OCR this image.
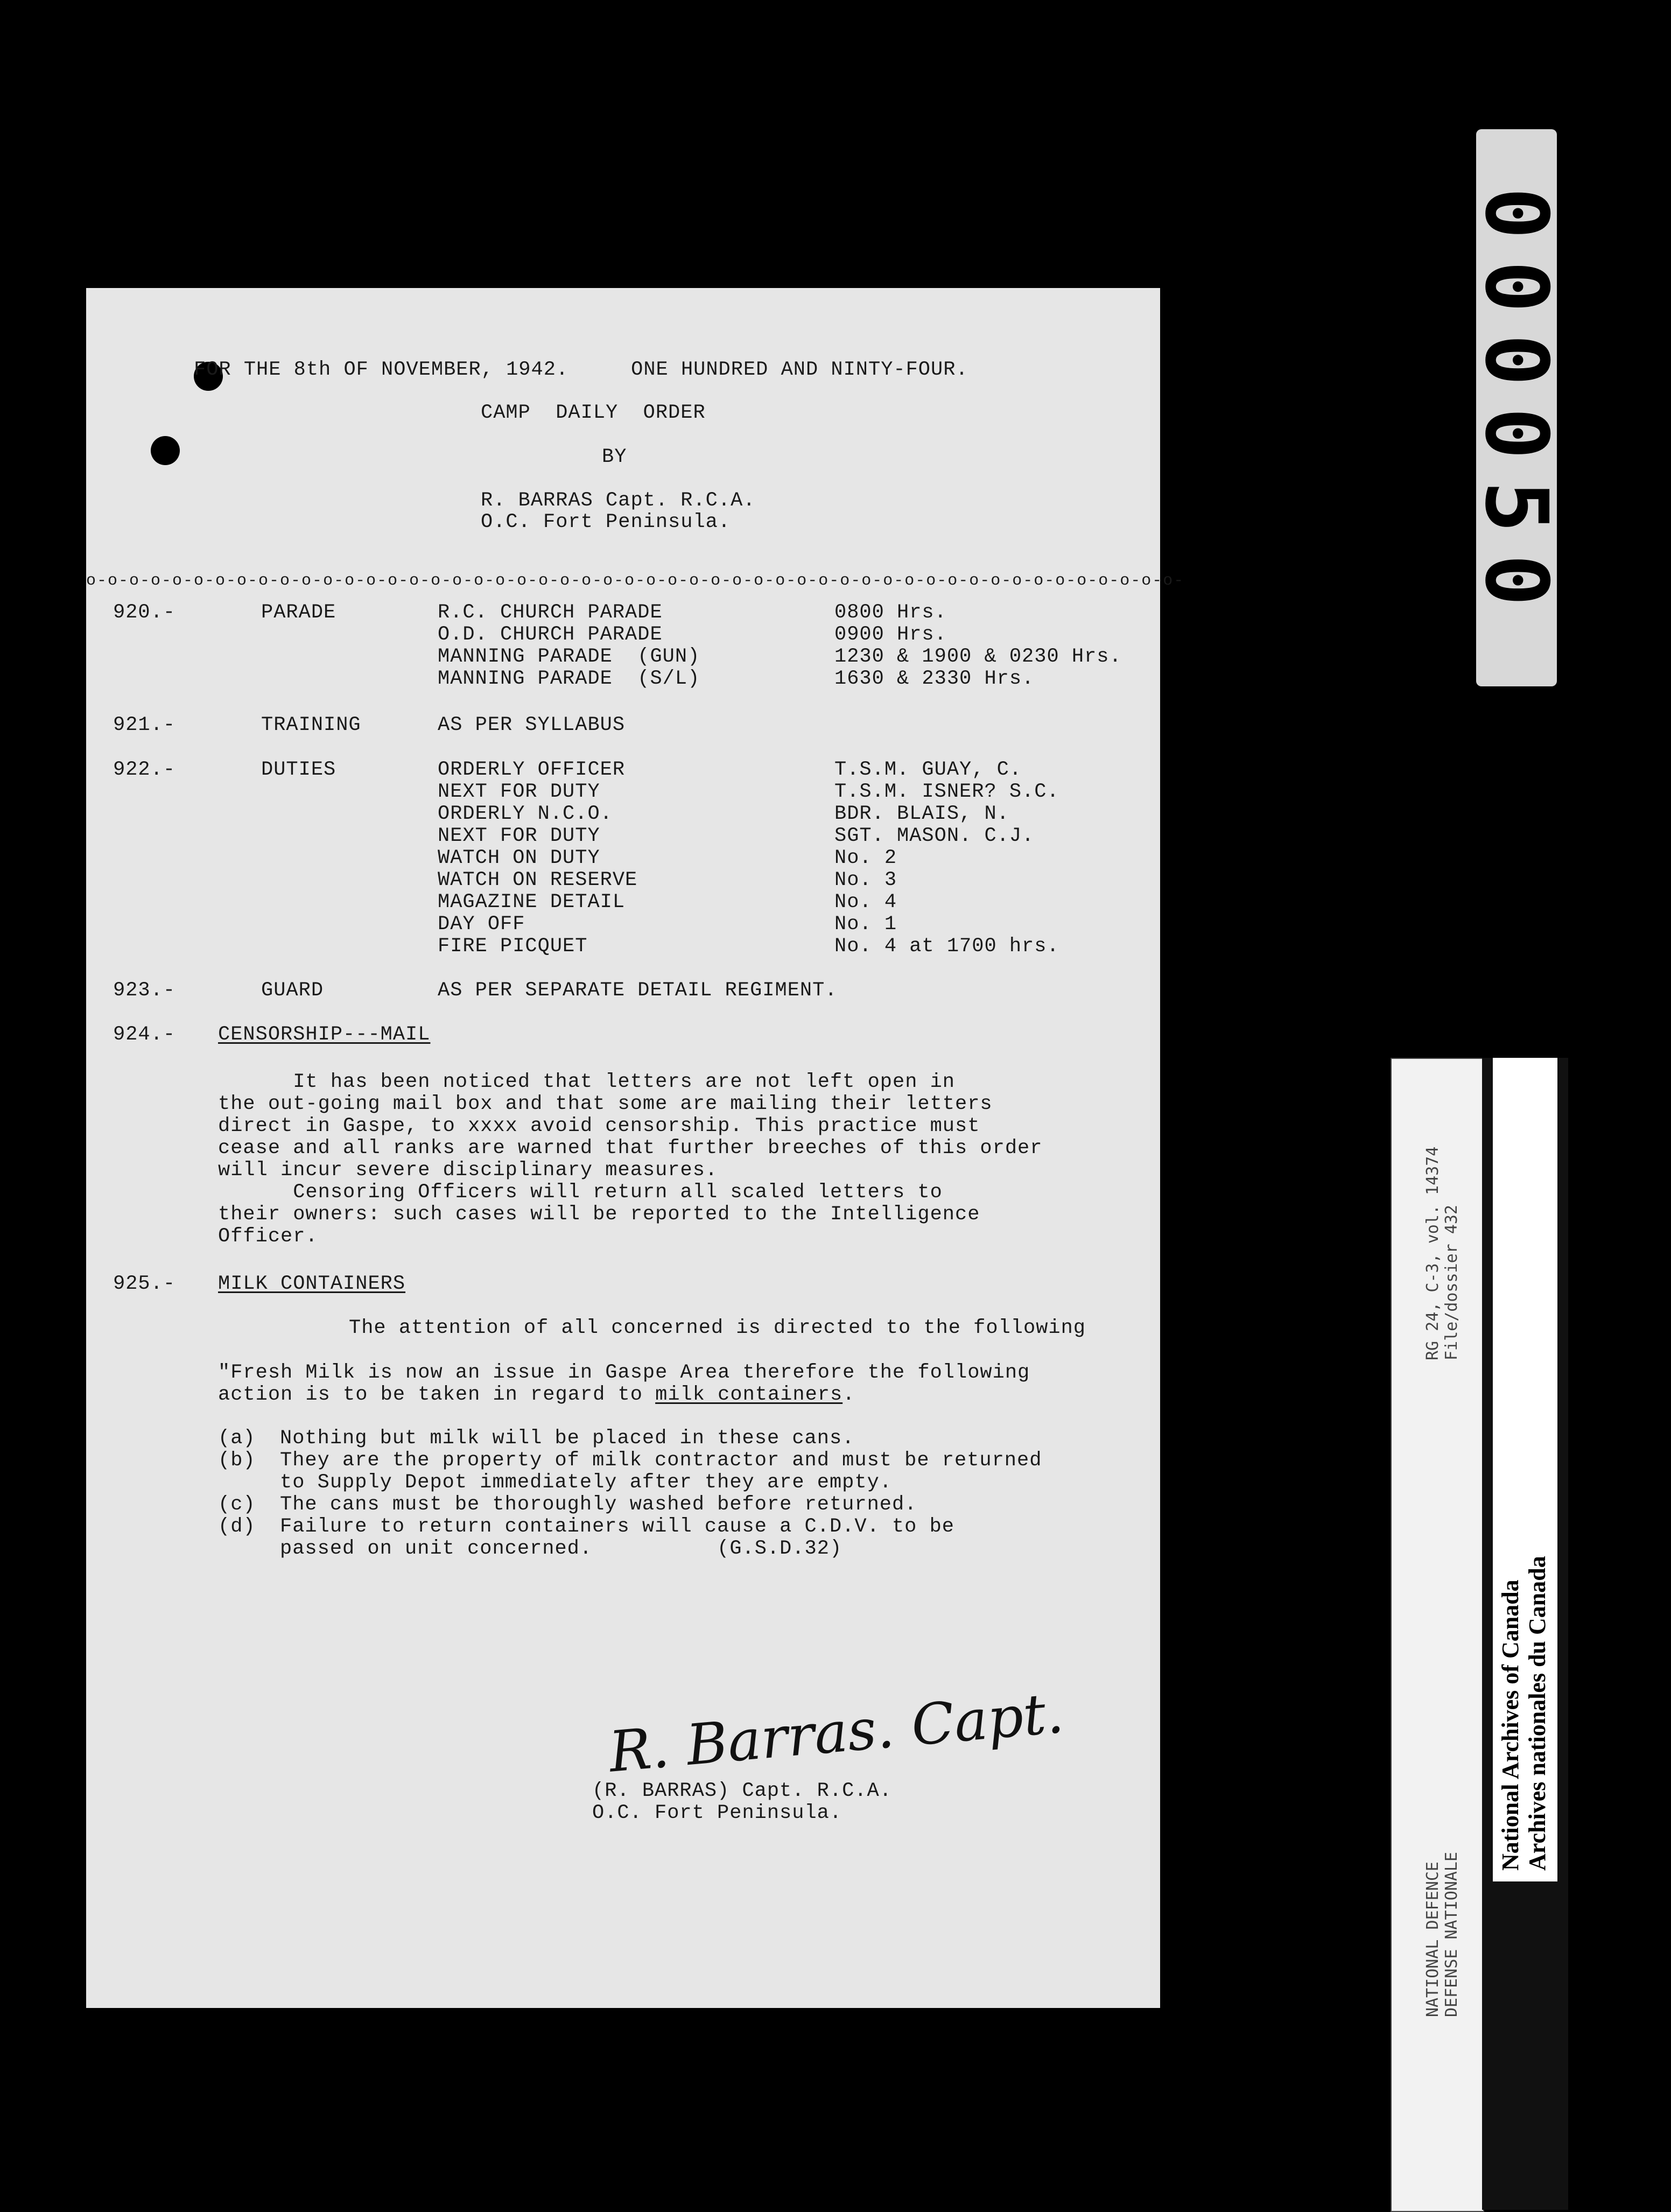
FOR THE 8th OF NOVEMBER, 1942.     ONE HUNDRED AND NINTY-FOUR.
CAMP  DAILY  ORDER
BY
R. BARRAS Capt. R.C.A.
O.C. Fort Peninsula.
o-o-o-o-o-o-o-o-o-o-o-o-o-o-o-o-o-o-o-o-o-o-o-o-o-o-o-o-o-o-o-o-o-o-o-o-o-o-o-o-o-o-o-o-o-o-o-o-o-o-o-
920.-	PARADE	R.C. CHURCH PARADE	0800 Hrs.
O.D. CHURCH PARADE	0900 Hrs.
MANNING PARADE  (GUN)	1230 & 1900 & 0230 Hrs.
MANNING PARADE  (S/L)	1630 & 2330 Hrs.
921.-	TRAINING	AS PER SYLLABUS
922.-	DUTIES	ORDERLY OFFICER	T.S.M. GUAY, C.
NEXT FOR DUTY	T.S.M. ISNER? S.C.
ORDERLY N.C.O.	BDR. BLAIS, N.
NEXT FOR DUTY	SGT. MASON. C.J.
WATCH ON DUTY	No. 2
WATCH ON RESERVE	No. 3
MAGAZINE DETAIL	No. 4
DAY OFF	No. 1
FIRE PICQUET	No. 4 at 1700 hrs.
923.-	GUARD	AS PER SEPARATE DETAIL REGIMENT.
924.- CENSORSHIP---MAIL
It has been noticed that letters are not left open in
the out-going mail box and that some are mailing their letters
direct in Gaspe, to xxxx avoid censorship. This practice must
cease and all ranks are warned that further breeches of this order
will incur severe disciplinary measures.
Censoring Officers will return all scaled letters to
their owners: such cases will be reported to the Intelligence
Officer.
925.- MILK CONTAINERS
The attention of all concerned is directed to the following
"Fresh Milk is now an issue in Gaspe Area therefore the following
action is to be taken in regard to milk containers.
(a) Nothing but milk will be placed in these cans.
(b) They are the property of milk contractor and must be returned
to Supply Depot immediately after they are empty.
(c) The cans must be thoroughly washed before returned.
(d) Failure to return containers will cause a C.D.V. to be
passed on unit concerned.          (G.S.D.32)
R. Barras. Capt.
(R. BARRAS) Capt. R.C.A.
O.C. Fort Peninsula.
000050
NATIONAL DEFENCE DEFENSE NATIONALE
RG 24, C-3, vol. 14374 File/dossier 432
National Archives of Canada Archives nationales du Canada
